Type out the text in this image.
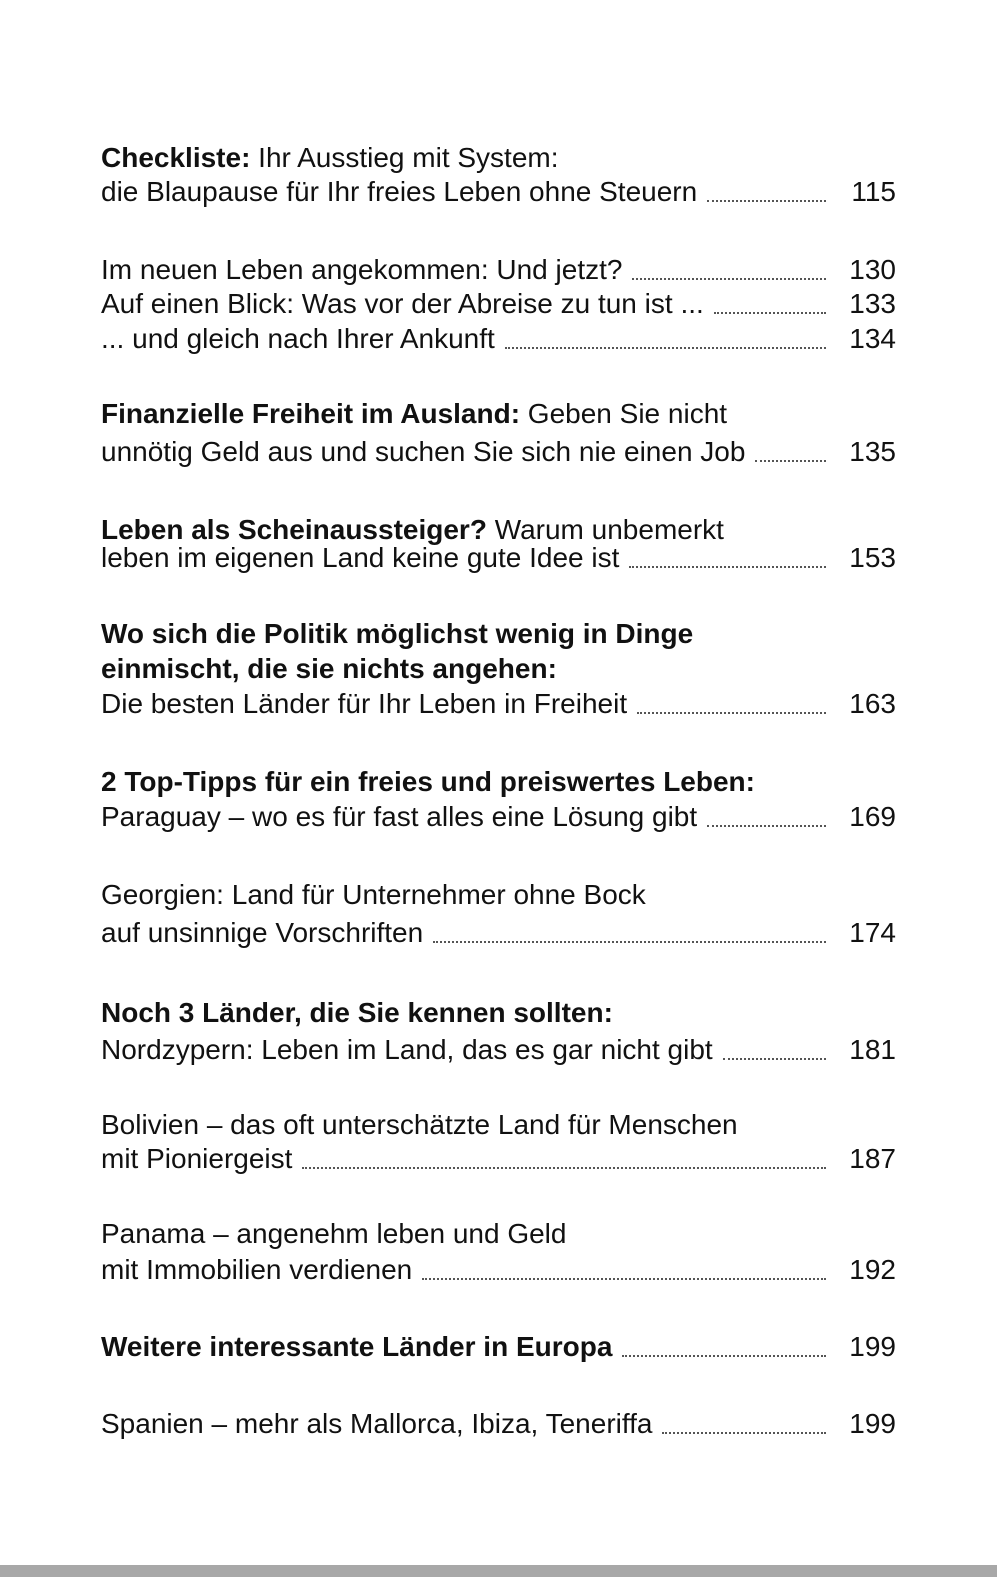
Checkliste: Ihr Ausstieg mit System:
die Blaupause für Ihr freies Leben ohne Steuern	115
Im neuen Leben angekommen: Und jetzt?	130
Auf einen Blick: Was vor der Abreise zu tun ist ...	133
... und gleich nach Ihrer Ankunft	134
Finanzielle Freiheit im Ausland: Geben Sie nicht
unnötig Geld aus und suchen Sie sich nie einen Job	135
Leben als Scheinaussteiger? Warum unbemerkt
leben im eigenen Land keine gute Idee ist	153
Wo sich die Politik möglichst wenig in Dinge
einmischt, die sie nichts angehen:
Die besten Länder für Ihr Leben in Freiheit	163
2 Top-Tipps für ein freies und preiswertes Leben:
Paraguay – wo es für fast alles eine Lösung gibt	169
Georgien: Land für Unternehmer ohne Bock
auf unsinnige Vorschriften	174
Noch 3 Länder, die Sie kennen sollten:
Nordzypern: Leben im Land, das es gar nicht gibt	181
Bolivien – das oft unterschätzte Land für Menschen
mit Pioniergeist	187
Panama – angenehm leben und Geld
mit Immobilien verdienen	192
Weitere interessante Länder in Europa	199
Spanien – mehr als Mallorca, Ibiza, Teneriffa	199
